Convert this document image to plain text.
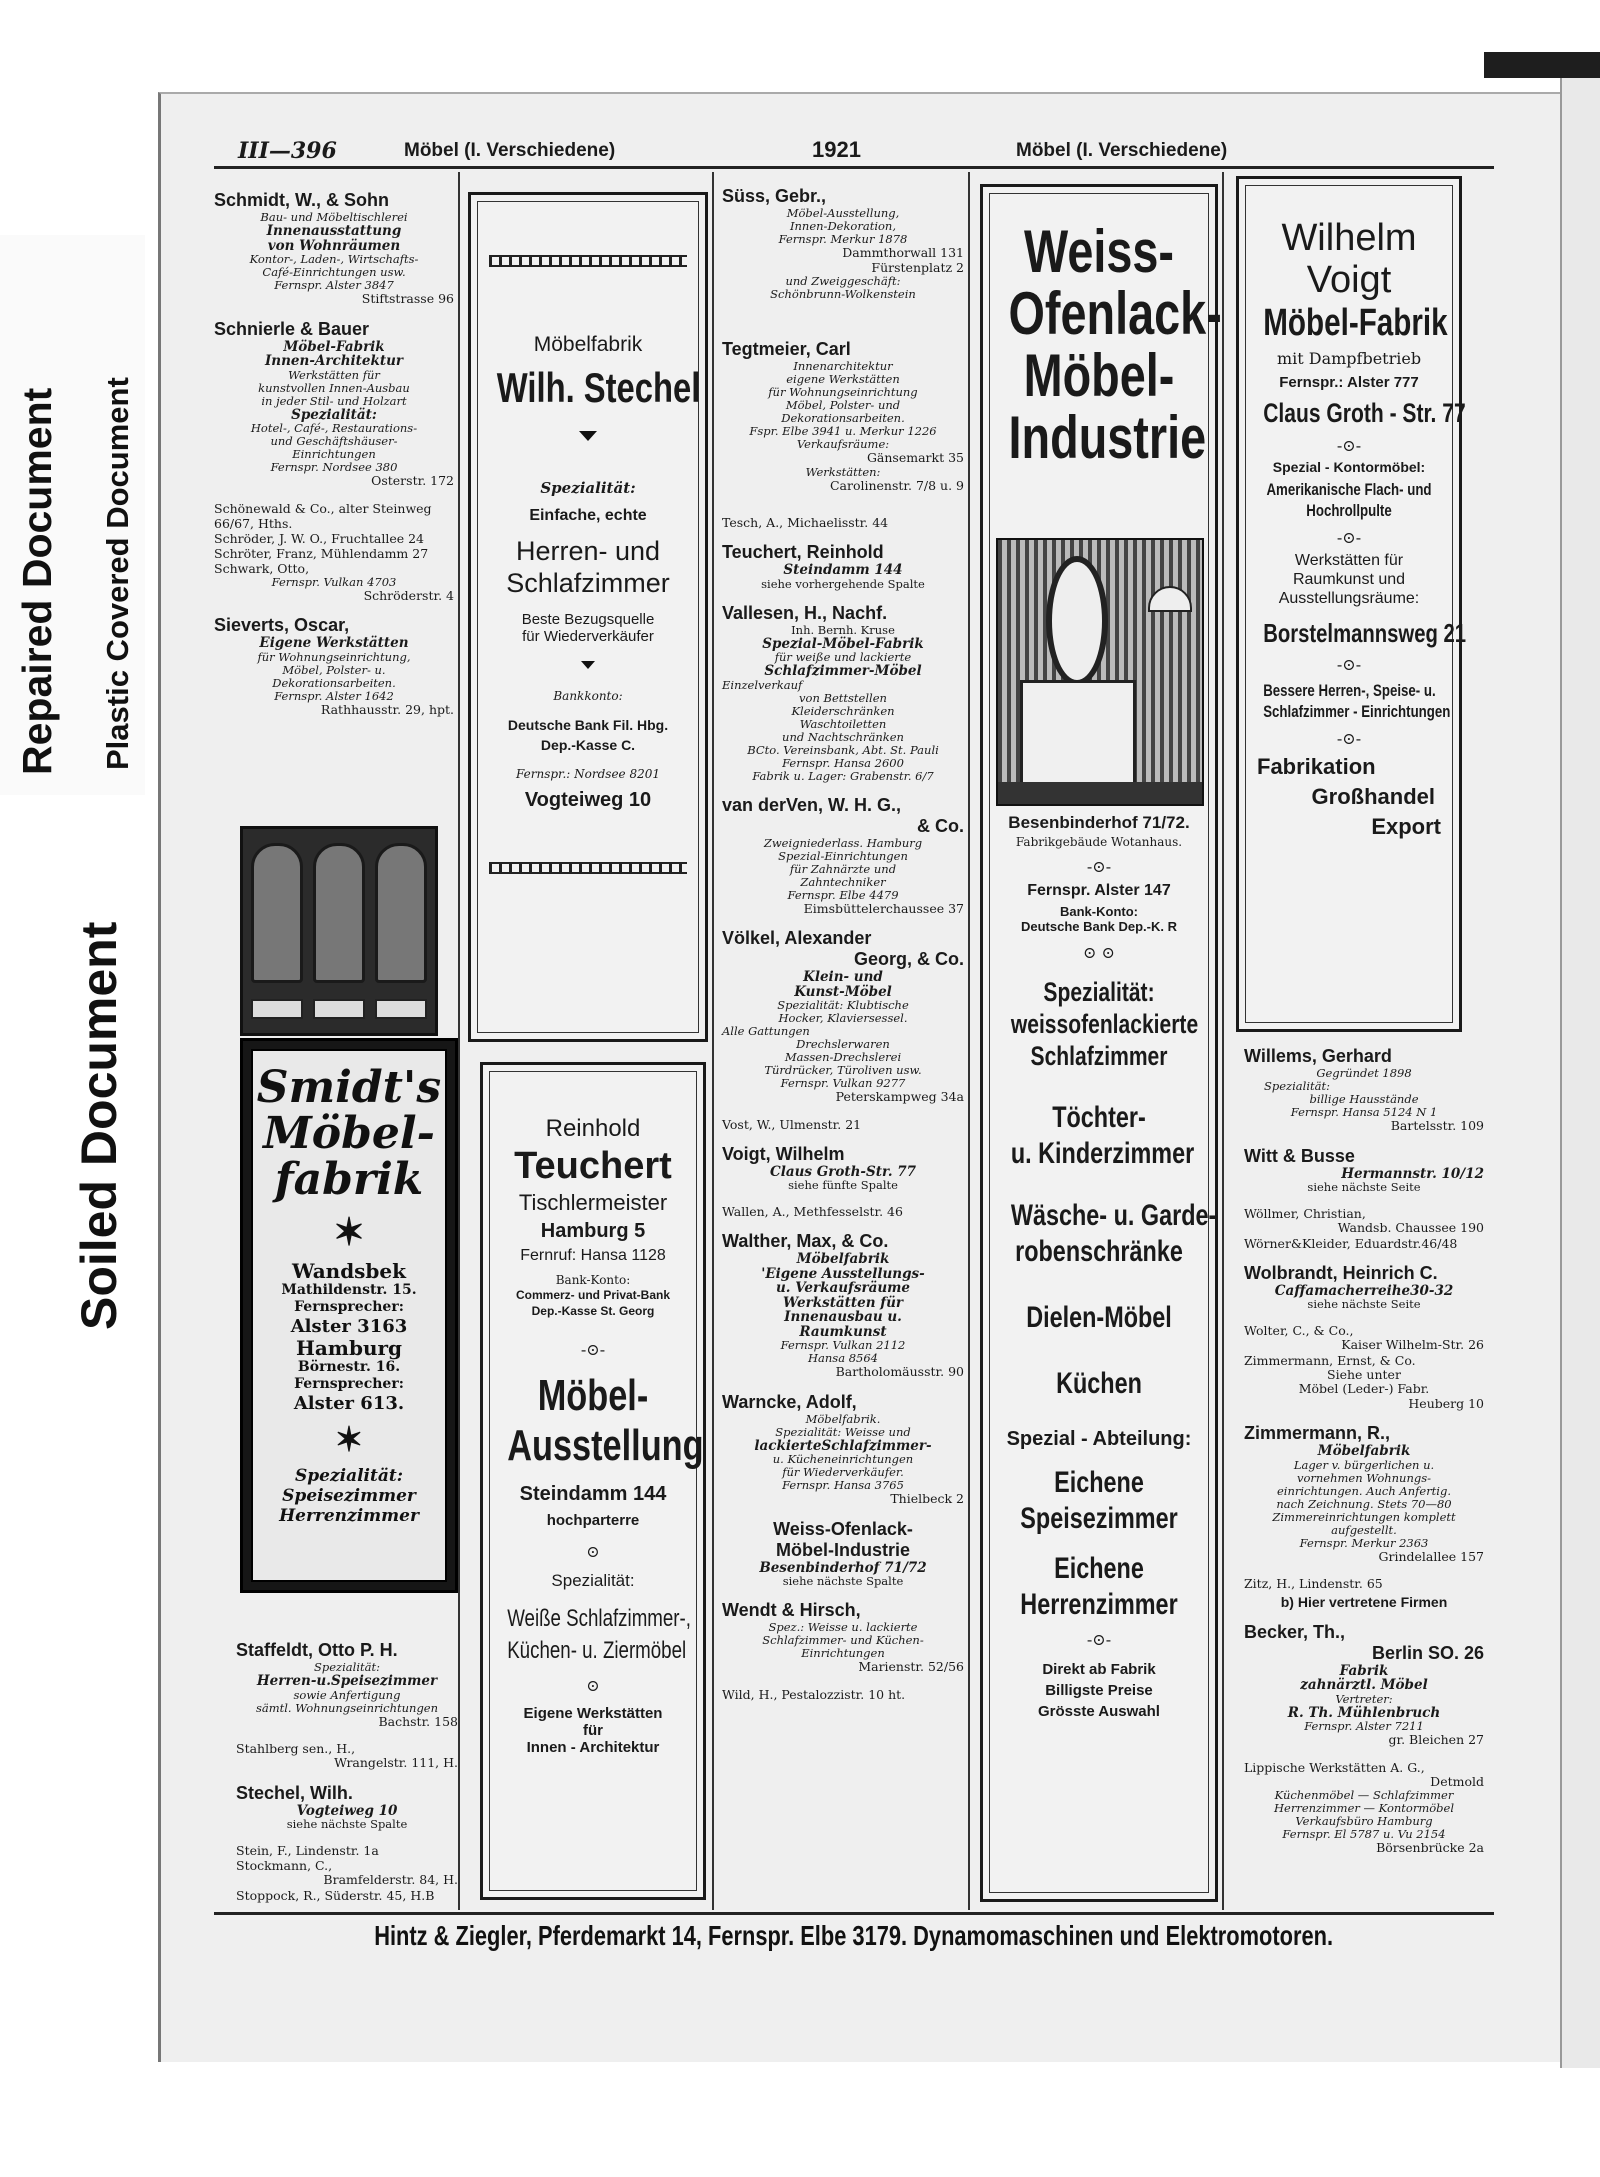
Repaired Document Plastic Covered Document
Soiled Document
III—396	Möbel (I. Verschiedene)	1921	Möbel (I. Verschiedene)
Schmidt, W., & Sohn
Bau- und Möbeltischlerei
Innenausstattung
von Wohnräumen
Kontor-, Laden-, Wirtschafts-
Café-Einrichtungen usw.
Fernspr. Alster 3847
Stiftstrasse 96
Schnierle & Bauer
Möbel-Fabrik
Innen-Architektur
Werkstätten für
kunstvollen Innen-Ausbau
in jeder Stil- und Holzart
Spezialität:
Hotel-, Café-, Restaurations-
und Geschäftshäuser-
Einrichtungen
Fernspr. Nordsee 380
Osterstr. 172
Schönewald & Co., alter Steinweg 66/67, Hths.
Schröder, J. W. O., Fruchtallee 24
Schröter, Franz, Mühlendamm 27
Schwark, Otto,
Fernspr. Vulkan 4703
Schröderstr. 4
Sieverts, Oscar,
Eigene Werkstätten
für Wohnungseinrichtung,
Möbel, Polster- u.
Dekorationsarbeiten.
Fernspr. Alster 1642
Rathhausstr. 29, hpt.
Smidt's
Möbel-
fabrik
✶
Wandsbek
Mathildenstr. 15.
Fernsprecher:
Alster 3163
Hamburg
Börnestr. 16.
Fernsprecher:
Alster 613.
✶
Spezialität:
Speisezimmer
Herrenzimmer
Staffeldt, Otto P. H.
Spezialität:
Herren-u.Speisezimmer
sowie Anfertigung
sämtl. Wohnungseinrichtungen
Bachstr. 158
Stahlberg sen., H.,
Wrangelstr. 111, H.
Stechel, Wilh.
Vogteiweg 10
siehe nächste Spalte
Stein, F., Lindenstr. 1a
Stockmann, C.,
Bramfelderstr. 84, H.
Stoppock, R., Süderstr. 45, H.B
Möbelfabrik
Wilh. Stechel
Spezialität:
Einfache, echte
Herren- und
Schlafzimmer
Beste Bezugsquelle
für Wiederverkäufer
Bankkonto:
Deutsche Bank Fil. Hbg.
Dep.-Kasse C.
Fernspr.: Nordsee 8201
Vogteiweg 10
Reinhold
Teuchert
Tischlermeister
Hamburg 5
Fernruf: Hansa 1128
Bank-Konto:
Commerz- und Privat-Bank
Dep.-Kasse St. Georg
-⊙-
Möbel-
Ausstellung
Steindamm 144
hochparterre
⊙
Spezialität:
Weiße Schlafzimmer-,
Küchen- u. Ziermöbel
⊙
Eigene Werkstätten
für
Innen - Architektur
Süss, Gebr.,
Möbel-Ausstellung,
Innen-Dekoration,
Fernspr. Merkur 1878
Dammthorwall 131
Fürstenplatz 2
und Zweiggeschäft:
Schönbrunn-Wolkenstein
Tegtmeier, Carl
Innenarchitektur
eigene Werkstätten
für Wohnungseinrichtung
Möbel, Polster- und
Dekorationsarbeiten.
Fspr. Elbe 3941 u. Merkur 1226
Verkaufsräume:
Gänsemarkt 35
Werkstätten:
Carolinenstr. 7/8 u. 9
Tesch, A., Michaelisstr. 44
Teuchert, Reinhold
Steindamm 144
siehe vorhergehende Spalte
Vallesen, H., Nachf.
Inh. Bernh. Kruse
Spezial-Möbel-Fabrik
für weiße und lackierte
Schlafzimmer-Möbel
Einzelverkauf
von Bettstellen
Kleiderschränken
Waschtoiletten
und Nachtschränken
BCto. Vereinsbank, Abt. St. Pauli
Fernspr. Hansa 2600
Fabrik u. Lager: Grabenstr. 6/7
van derVen, W. H. G.,
& Co.
Zweigniederlass. Hamburg
Spezial-Einrichtungen
für Zahnärzte und
Zahntechniker
Fernspr. Elbe 4479
Eimsbüttelerchaussee 37
Völkel, Alexander
Georg, & Co.
Klein- und
Kunst-Möbel
Spezialität: Klubtische
Hocker, Klaviersessel.
Alle Gattungen
Drechslerwaren
Massen-Drechslerei
Türdrücker, Türoliven usw.
Fernspr. Vulkan 9277
Peterskampweg 34a
Vost, W., Ulmenstr. 21
Voigt, Wilhelm
Claus Groth-Str. 77
siehe fünfte Spalte
Wallen, A., Methfesselstr. 46
Walther, Max, & Co.
Möbelfabrik
'Eigene Ausstellungs-
u. Verkaufsräume
Werkstätten für
Innenausbau u.
Raumkunst
Fernspr. Vulkan 2112
Hansa 8564
Bartholomäusstr. 90
Warncke, Adolf,
Möbelfabrik.
Spezialität: Weisse und
lackierteSchlafzimmer-
u. Kücheneinrichtungen
für Wiederverkäufer.
Fernspr. Hansa 3765
Thielbeck 2
Weiss-Ofenlack-
Möbel-Industrie
Besenbinderhof 71/72
siehe nächste Spalte
Wendt & Hirsch,
Spez.: Weisse u. lackierte
Schlafzimmer- und Küchen-
Einrichtungen
Marienstr. 52/56
Wild, H., Pestalozzistr. 10 ht.
Weiss-
Ofenlack-
Möbel-
Industrie
Besenbinderhof 71/72.
Fabrikgebäude Wotanhaus.
-⊙-
Fernspr. Alster 147
Bank-Konto:
Deutsche Bank Dep.-K. R
⊙ ⊙
Spezialität:
weissofenlackierte
Schlafzimmer
Töchter-
u. Kinderzimmer
Wäsche- u. Garde-
robenschränke
Dielen-Möbel
Küchen
Spezial - Abteilung:
Eichene
Speisezimmer
Eichene
Herrenzimmer
-⊙-
Direkt ab Fabrik
Billigste Preise
Grösste Auswahl
Wilhelm
Voigt
Möbel-Fabrik
mit Dampfbetrieb
Fernspr.: Alster 777
Claus Groth - Str. 77
-⊙-
Spezial - Kontormöbel:
Amerikanische Flach- und
Hochrollpulte
-⊙-
Werkstätten für
Raumkunst und
Ausstellungsräume:
Borstelmannsweg 21
-⊙-
Bessere Herren-, Speise- u.
Schlafzimmer - Einrichtungen
-⊙-
Fabrikation
Großhandel
Export
Willems, Gerhard
Gegründet 1898
Spezialität:
billige Hausstände
Fernspr. Hansa 5124 N 1
Bartelsstr. 109
Witt & Busse
Hermannstr. 10/12
siehe nächste Seite
Wöllmer, Christian,
Wandsb. Chaussee 190
Wörner&Kleider, Eduardstr.46/48
Wolbrandt, Heinrich C.
Caffamacherreihe30-32
siehe nächste Seite
Wolter, C., & Co.,
Kaiser Wilhelm-Str. 26
Zimmermann, Ernst, & Co.
Siehe unter
Möbel (Leder-) Fabr.
Heuberg 10
Zimmermann, R.,
Möbelfabrik
Lager v. bürgerlichen u.
vornehmen Wohnungs-
einrichtungen. Auch Anfertig.
nach Zeichnung. Stets 70—80
Zimmereinrichtungen komplett
aufgestellt.
Fernspr. Merkur 2363
Grindelallee 157
Zitz, H., Lindenstr. 65
b) Hier vertretene Firmen
Becker, Th.,
Berlin SO. 26
Fabrik
zahnärztl. Möbel
Vertreter:
R. Th. Mühlenbruch
Fernspr. Alster 7211
gr. Bleichen 27
Lippische Werkstätten A. G.,
Detmold
Küchenmöbel — Schlafzimmer
Herrenzimmer — Kontormöbel
Verkaufsbüro Hamburg
Fernspr. El 5787 u. Vu 2154
Börsenbrücke 2a
Hintz & Ziegler, Pferdemarkt 14, Fernspr. Elbe 3179. Dynamomaschinen und Elektromotoren.
